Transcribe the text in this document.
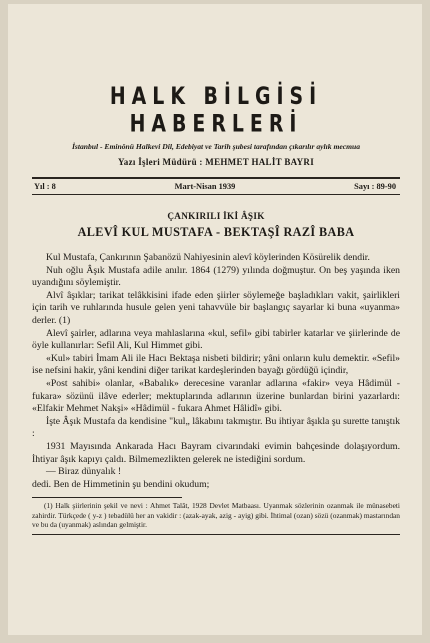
HALK BİLGİSİ HABERLERİ
İstanbul - Eminönü Halkevi Dil, Edebiyat ve Tarih şubesi tarafından çıkarılır aylık mecmua
Yazı İşleri Müdürü : MEHMET HALİT BAYRI
Yıl : 8	Mart-Nisan 1939	Sayı : 89-90
ÇANKIRILI İKİ ÂŞIK
ALEVÎ KUL MUSTAFA - BEKTAŞÎ RAZÎ BABA

Kul Mustafa, Çankırının Şabanözü Nahiyesinin alevî köylerinden Kösürelik dendir.

Nuh oğlu Âşık Mustafa adile anılır. 1864 (1279) yılında doğmuştur. On beş yaşında iken uyandığını söylemiştir.

Alvî âşıklar; tarikat telâkkisini ifade eden şiirler söylemeğe başladıkları vakit, şairlikleri için tarih ve ruhlarında husule gelen yeni tahavvüle bir başlangıç sayarlar ki buna «uyanma» derler. (1)

Alevî şairler, adlarına veya mahlaslarına «kul, sefil» gibi tabirler katarlar ve şiirlerinde de öyle kullanırlar: Sefil Ali, Kul Himmet gibi.

«Kul» tabiri İmam Ali ile Hacı Bektaşa nisbeti bildirir; yâni onların kulu demektir. «Sefil» ise nefsini hakir, yâni kendini diğer tarikat kardeşlerinden bayağı gördüğü içindir,

«Post sahibi» olanlar, «Babalık» derecesine varanlar adlarına «fakir» veya Hâdimül - fukara» sözünü ilâve ederler; mektuplarında adlarının üzerine bunlardan birini yazarlardı: «Elfakir Mehmet Nakşi» «Hâdimül - fukara Ahmet Hâlidî» gibi.

İşte Âşık Mustafa da kendisine "kul„ lâkabını takmıştır. Bu ihtiyar âşıkla şu surette tanıştık :

1931 Mayısında Ankarada Hacı Bayram civarındaki evimin bahçesinde dolaşıyordum. İhtiyar âşık kapıyı çaldı. Bilmemezlikten gelerek ne istediğini sordum.

— Biraz dünyalık !

dedi. Ben de Himmetinin şu bendini okudum;

(1) Halk şiirlerinin şekil ve nevi : Ahmet Talât, 1928 Devlet Matbaası. Uyanmak sözlerinin ozanmak ile münasebeti zahirdir. Türkçede ( y-z ) tebadülü her an vakidir : (azak-ayak, azig - ayig) gibi. İhtimal (ozan) sözü (ozanmak) mastarından ve bu da (uyanmak) aslından gelmiştir.
